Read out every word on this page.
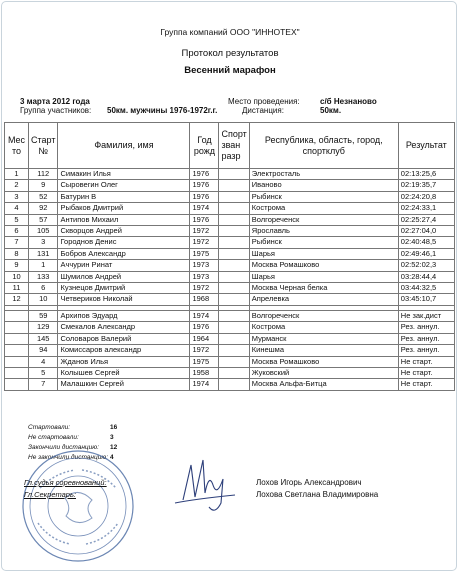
Группа компаний ООО "ИННОТЕХ"
Протокол результатов
Весенний марафон
3 марта 2012 года
Группа участников: 50км. мужчины 1976-1972г.г.
Место проведения:	с/б Незнаново
Дистанция:	50км.
Мес то	Старт №	Фамилия, имя	Год рожд	Спорт зван разр	Республика, область, город, спортклуб	Результат
1	112	Симакин Илья	1976		Электросталь	02:13:25,6
2	9	Сыровегин Олег	1976		Иваново	02:19:35,7
3	52	Батурин В	1976		Рыбинск	02:24:20,8
4	92	Рыбаков Дмитрий	1974		Кострома	02:24:33,1
5	57	Антипов Михаил	1976		Волгореченск	02:25:27,4
6	105	Скворцов Андрей	1972		Ярославль	02:27:04,0
7	3	Городнов Денис	1972		Рыбинск	02:40:48,5
8	131	Бобров Александр	1975		Шарья	02:49:46,1
9	1	Аччурин Ринат	1973		Москва Ромашково	02:52:02,3
10	133	Шумилов Андрей	1973		Шарья	03:28:44,4
11	6	Кузнецов Дмитрий	1972		Москва Черная белка	03:44:32,5
12	10	Четвериков Николай	1968		Апрелевка	03:45:10,7

	59	Архипов Эдуард	1974		Волгореченск	Не зак.дист
	129	Смекалов Александр	1976		Кострома	Рез. аннул.
	145	Соловаров Валерий	1964		Мурманск	Рез. аннул.
	94	Комиссаров александр	1972		Кинешма	Рез. аннул.
	4	Жданов Илья	1975		Москва Ромашково	Не старт.
	5	Колышев Сергей	1958		Жуковский	Не старт.
	7	Малашкин Сергей	1974		Москва Альфа-Битца	Не старт.
Стартовали:	16
Не стартовали:	3
Закончили дистанцию: 12
Не закончили дистанцию: 4
Гл.судья соревнований:
Гл.Секретарь:
Лохов Игорь Александрович
Лохова Светлана Владимировна
